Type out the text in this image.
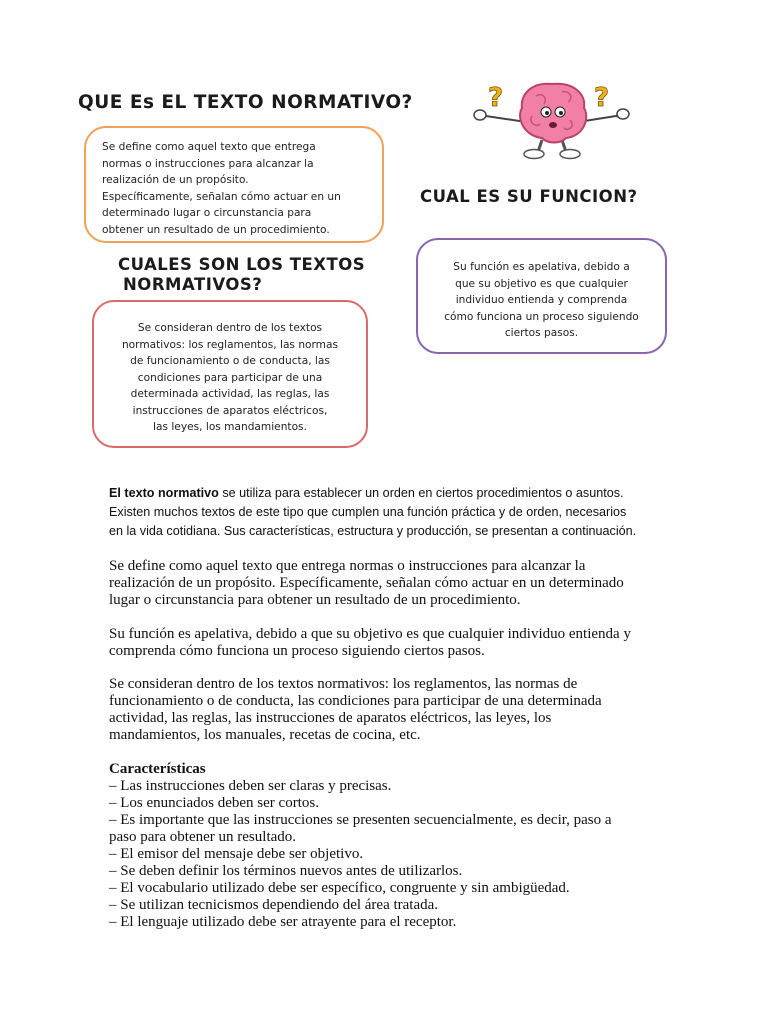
QUE Es EL TEXTO NORMATIVO?	?	?
Se define como aquel texto que entrega
normas o instrucciones para alcanzar la
realización de un propósito.
Específicamente, señalan cómo actuar en un
determinado lugar o circunstancia para
obtener un resultado de un procedimiento.
CUAL ES SU FUNCION?
CUALES SON LOS TEXTOS
NORMATIVOS?
Su función es apelativa, debido a
que su objetivo es que cualquier
individuo entienda y comprenda
cómo funciona un proceso siguiendo
ciertos pasos.
Se consideran dentro de los textos
normativos: los reglamentos, las normas
de funcionamiento o de conducta, las
condiciones para participar de una
determinada actividad, las reglas, las
instrucciones de aparatos eléctricos,
las leyes, los mandamientos.
El texto normativo se utiliza para establecer un orden en ciertos procedimientos o asuntos.
Existen muchos textos de este tipo que cumplen una función práctica y de orden, necesarios
en la vida cotidiana. Sus características, estructura y producción, se presentan a continuación.
Se define como aquel texto que entrega normas o instrucciones para alcanzar la
realización de un propósito. Específicamente, señalan cómo actuar en un determinado
lugar o circunstancia para obtener un resultado de un procedimiento.
Su función es apelativa, debido a que su objetivo es que cualquier individuo entienda y
comprenda cómo funciona un proceso siguiendo ciertos pasos.
Se consideran dentro de los textos normativos: los reglamentos, las normas de
funcionamiento o de conducta, las condiciones para participar de una determinada
actividad, las reglas, las instrucciones de aparatos eléctricos, las leyes, los
mandamientos, los manuales, recetas de cocina, etc.
Características
– Las instrucciones deben ser claras y precisas.
– Los enunciados deben ser cortos.
– Es importante que las instrucciones se presenten secuencialmente, es decir, paso a
paso para obtener un resultado.
– El emisor del mensaje debe ser objetivo.
– Se deben definir los términos nuevos antes de utilizarlos.
– El vocabulario utilizado debe ser específico, congruente y sin ambigüedad.
– Se utilizan tecnicismos dependiendo del área tratada.
– El lenguaje utilizado debe ser atrayente para el receptor.
